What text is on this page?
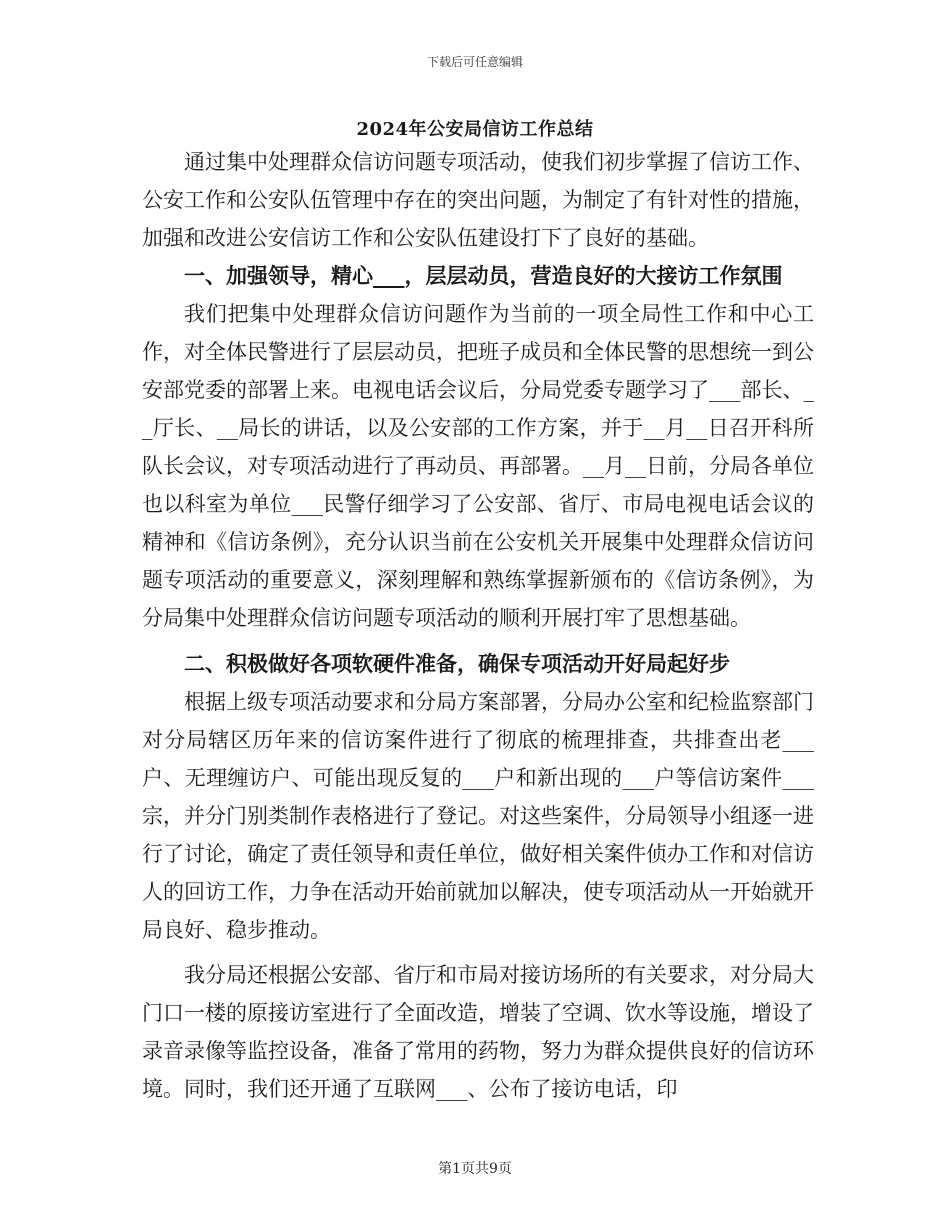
下载后可任意编辑
2024年公安局信访工作总结

通过集中处理群众信访问题专项活动，使我们初步掌握了信访工作、公安工作和公安队伍管理中存在的突出问题，为制定了有针对性的措施，加强和改进公安信访工作和公安队伍建设打下了良好的基础。

一、加强领导，精心___，层层动员，营造良好的大接访工作氛围

我们把集中处理群众信访问题作为当前的一项全局性工作和中心工作，对全体民警进行了层层动员，把班子成员和全体民警的思想统一到公安部党委的部署上来。电视电话会议后，分局党委专题学习了___部长、__厅长、__局长的讲话，以及公安部的工作方案，并于__月__日召开科所队长会议，对专项活动进行了再动员、再部署。__月__日前，分局各单位也以科室为单位___民警仔细学习了公安部、省厅、市局电视电话会议的精神和《信访条例》，充分认识当前在公安机关开展集中处理群众信访问题专项活动的重要意义，深刻理解和熟练掌握新颁布的《信访条例》，为分局集中处理群众信访问题专项活动的顺利开展打牢了思想基础。

二、积极做好各项软硬件准备，确保专项活动开好局起好步

根据上级专项活动要求和分局方案部署，分局办公室和纪检监察部门对分局辖区历年来的信访案件进行了彻底的梳理排查，共排查出老___户、无理缠访户、可能出现反复的___户和新出现的___户等信访案件___宗，并分门别类制作表格进行了登记。对这些案件，分局领导小组逐一进行了讨论，确定了责任领导和责任单位，做好相关案件侦办工作和对信访人的回访工作，力争在活动开始前就加以解决，使专项活动从一开始就开局良好、稳步推动。

我分局还根据公安部、省厅和市局对接访场所的有关要求，对分局大门口一楼的原接访室进行了全面改造，增装了空调、饮水等设施，增设了录音录像等监控设备，准备了常用的药物，努力为群众提供良好的信访环境。同时，我们还开通了互联网___、公布了接访电话，印

第1页共9页
